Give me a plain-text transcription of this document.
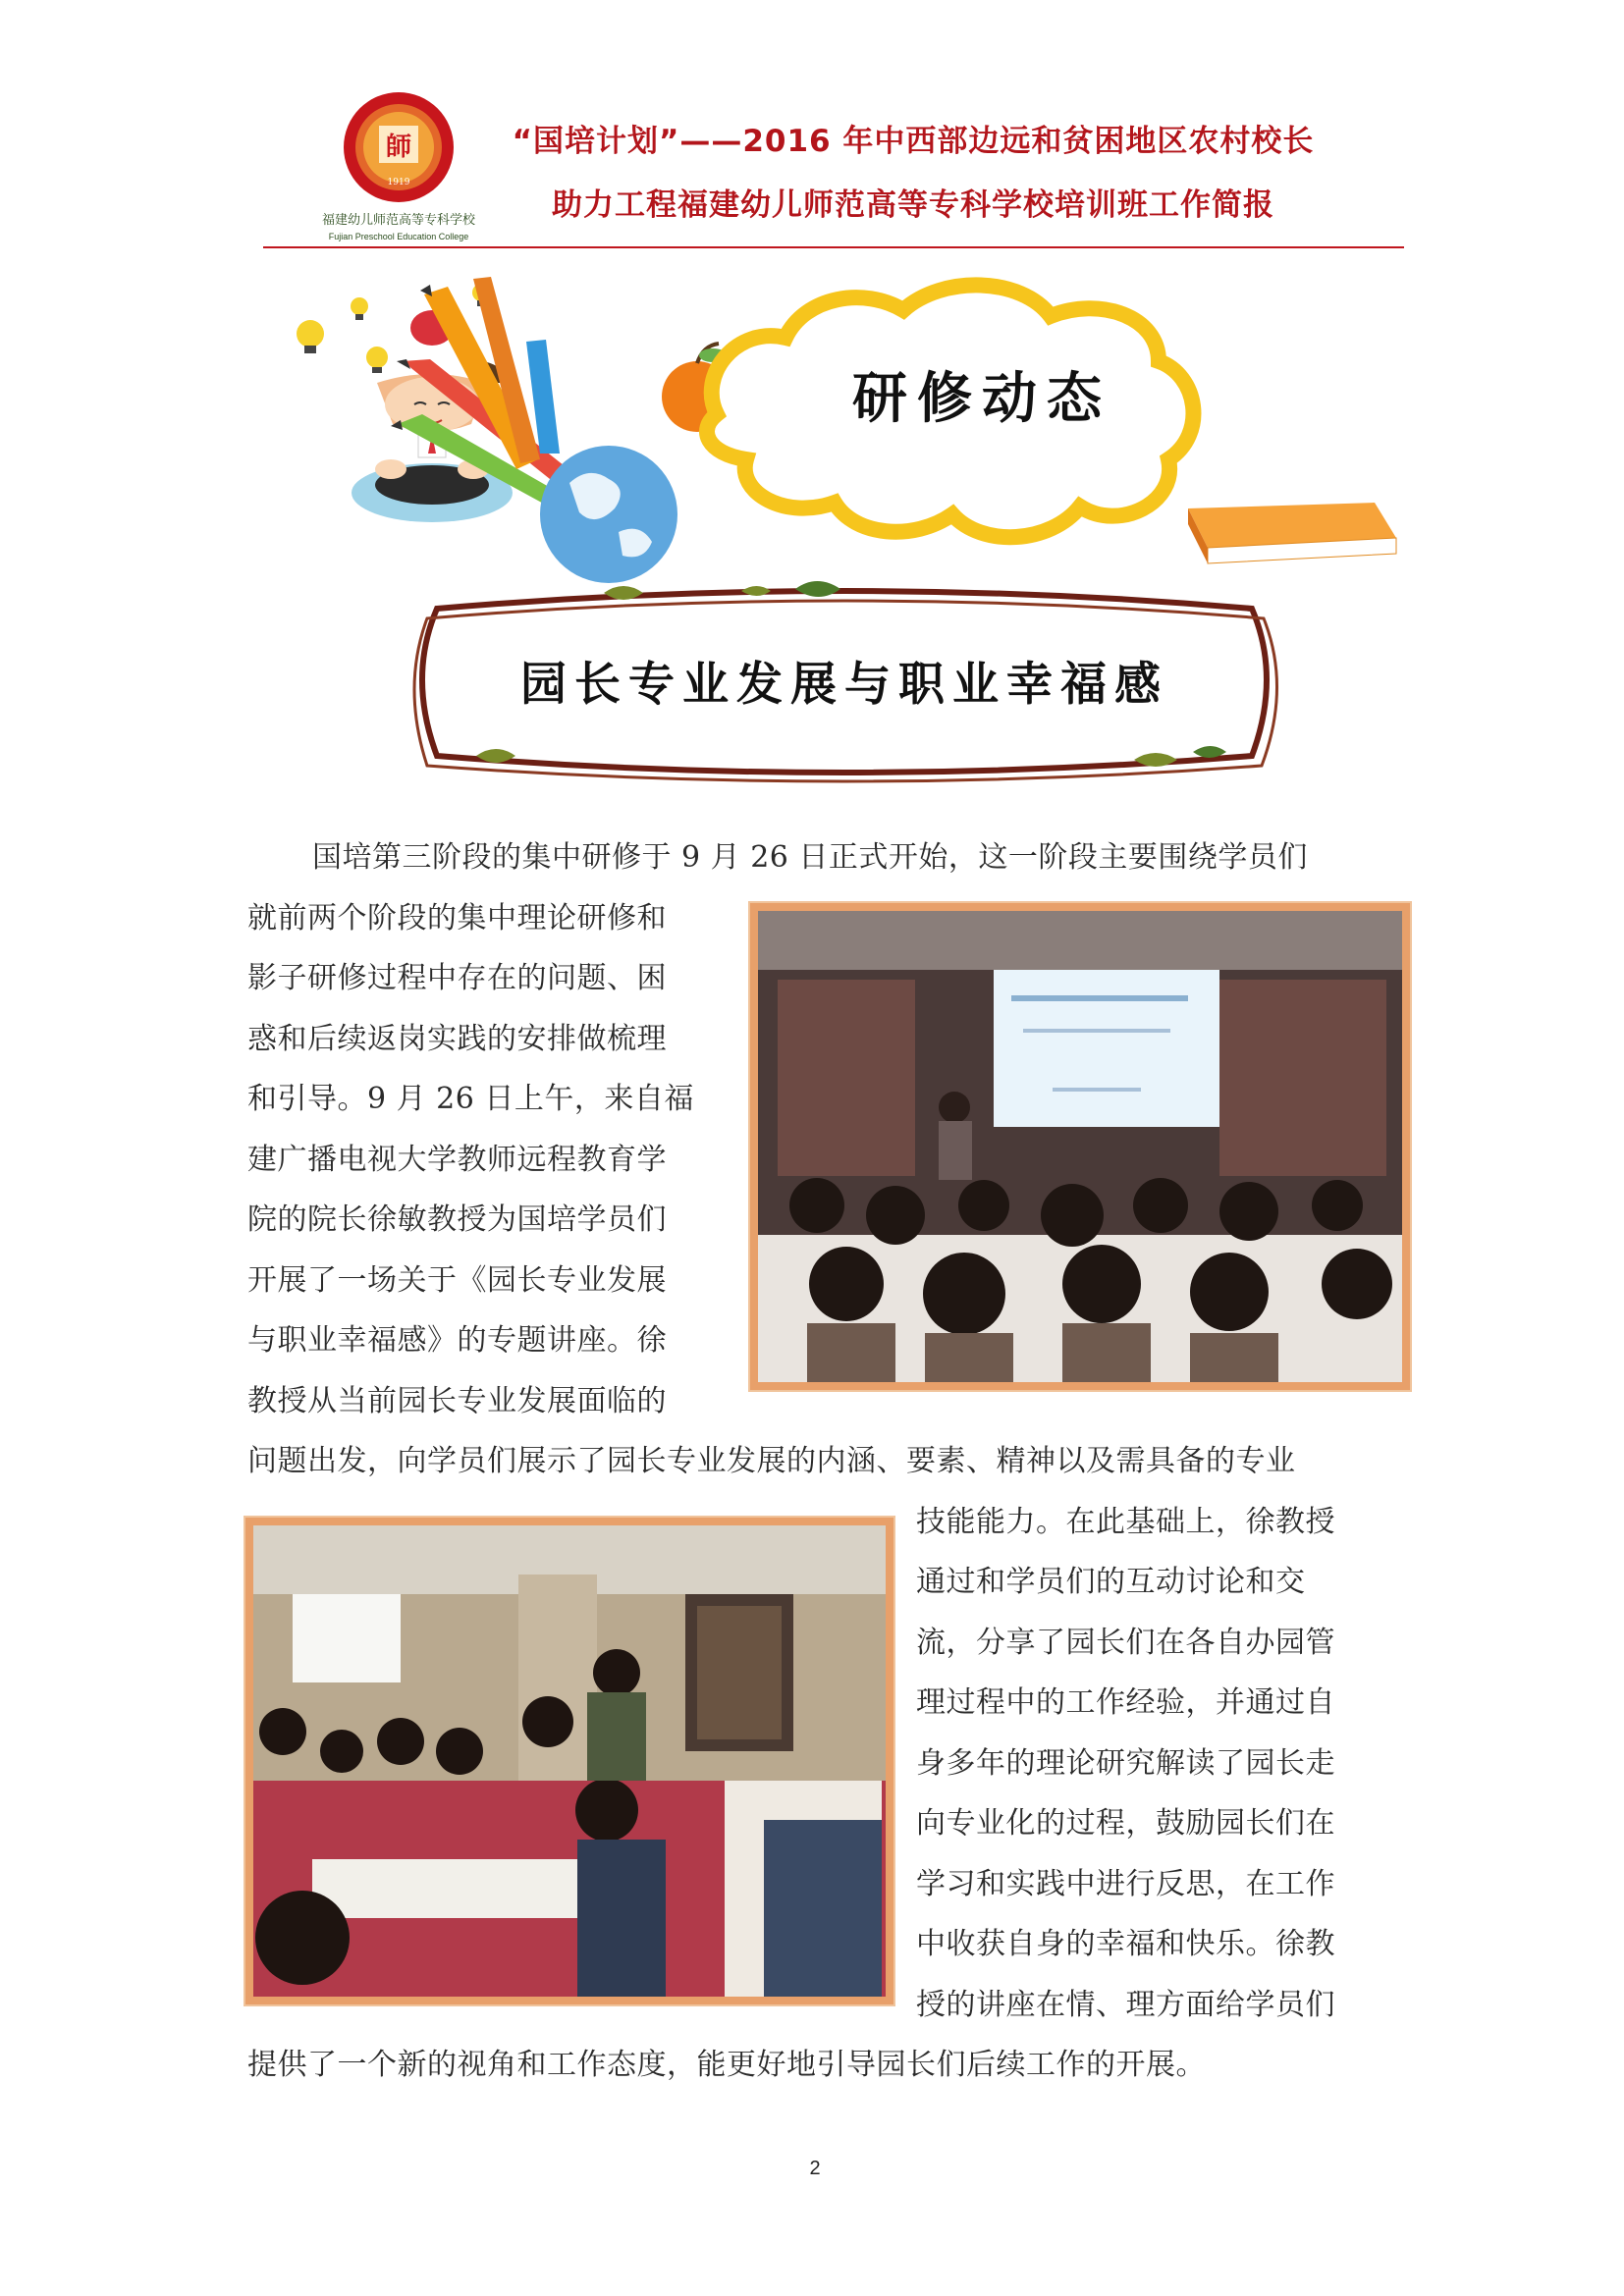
師
1919
福建幼儿师范高等专科学校
Fujian Preschool Education College
“国培计划”——2016 年中西部边远和贫困地区农村校长
助力工程福建幼儿师范高等专科学校培训班工作简报
研修动态
园长专业发展与职业幸福感
国培第三阶段的集中研修于 9 月 26 日正式开始，这一阶段主要围绕学员们
就前两个阶段的集中理论研修和
影子研修过程中存在的问题、困
惑和后续返岗实践的安排做梳理
和引导。9 月 26 日上午，来自福
建广播电视大学教师远程教育学
院的院长徐敏教授为国培学员们
开展了一场关于《园长专业发展
与职业幸福感》的专题讲座。徐
教授从当前园长专业发展面临的
问题出发，向学员们展示了园长专业发展的内涵、要素、精神以及需具备的专业
技能能力。在此基础上，徐教授
通过和学员们的互动讨论和交
流，分享了园长们在各自办园管
理过程中的工作经验，并通过自
身多年的理论研究解读了园长走
向专业化的过程，鼓励园长们在
学习和实践中进行反思，在工作
中收获自身的幸福和快乐。徐教
授的讲座在情、理方面给学员们
提供了一个新的视角和工作态度，能更好地引导园长们后续工作的开展。
2
